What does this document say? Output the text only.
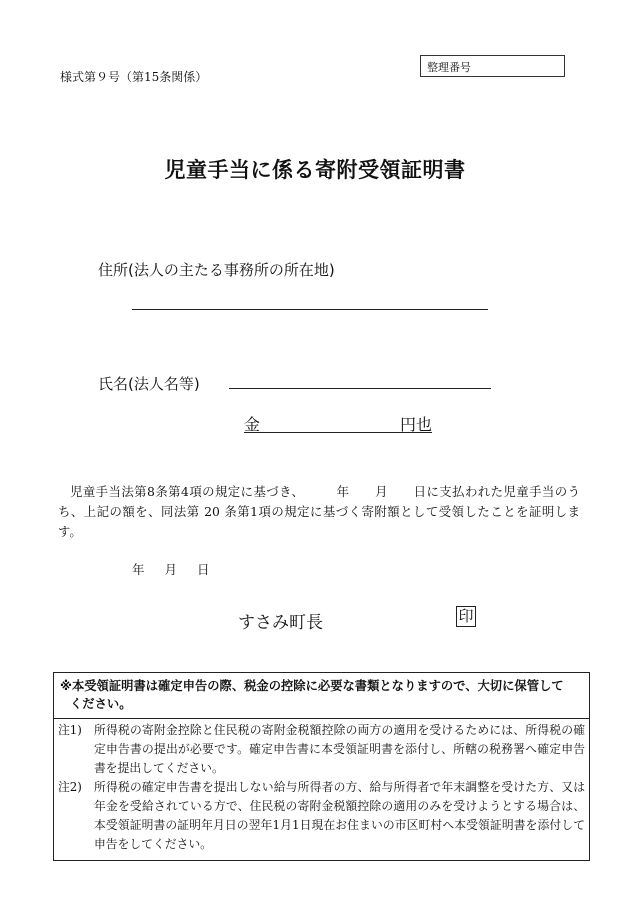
様式第９号（第15条関係）
整理番号
児童手当に係る寄附受領証明書
住所(法人の主たる事務所の所在地)
氏名(法人名等)
金	円也
児童手当法第8条第4項の規定に基づき、　　　年　　月　　日に支払われた児童手当のうち、上記の額を、同法第 20 条第1項の規定に基づく寄附額として受領したことを証明します。
年 月 日
すさみ町長	印
※本受領証明書は確定申告の際、税金の控除に必要な書類となりますので、大切に保管して
ください。
注1)	所得税の寄附金控除と住民税の寄附金税額控除の両方の適用を受けるためには、所得税の確定申告書の提出が必要です。確定申告書に本受領証明書を添付し、所轄の税務署へ確定申告書を提出してください。
注2)	所得税の確定申告書を提出しない給与所得者の方、給与所得者で年末調整を受けた方、又は年金を受給されている方で、住民税の寄附金税額控除の適用のみを受けようとする場合は、本受領証明書の証明年月日の翌年1月1日現在お住まいの市区町村へ本受領証明書を添付して申告をしてください。
